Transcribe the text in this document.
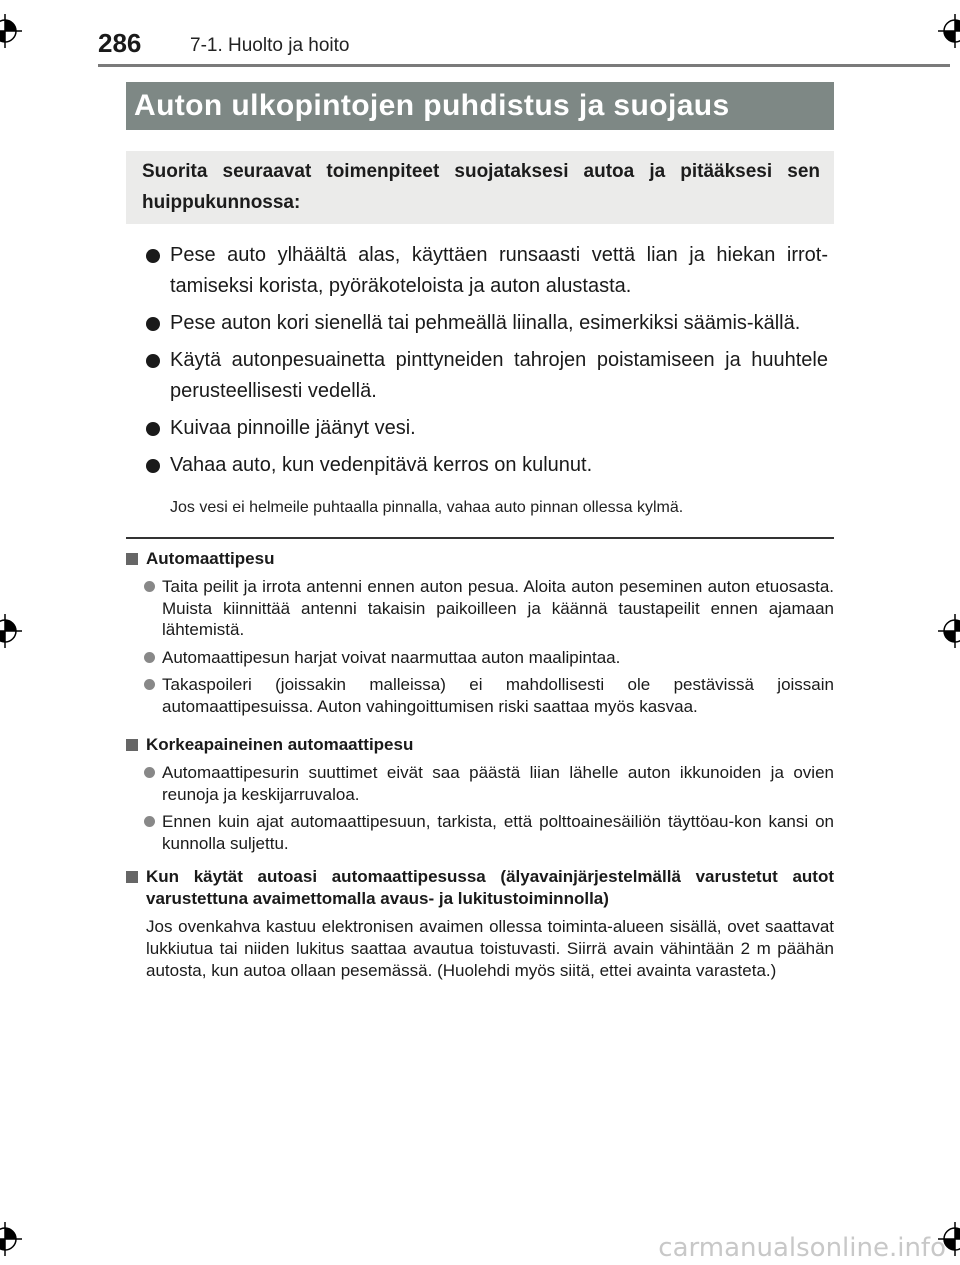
286	7-1. Huolto ja hoito
Auton ulkopintojen puhdistus ja suojaus
Suorita seuraavat toimenpiteet suojataksesi autoa ja pitääksesi sen huippukunnossa:
Pese auto ylhäältä alas, käyttäen runsaasti vettä lian ja hiekan irrot-tamiseksi korista, pyöräkoteloista ja auton alustasta.
Pese auton kori sienellä tai pehmeällä liinalla, esimerkiksi säämis-källä.
Käytä autonpesuainetta pinttyneiden tahrojen poistamiseen ja huuhtele perusteellisesti vedellä.
Kuivaa pinnoille jäänyt vesi.
Vahaa auto, kun vedenpitävä kerros on kulunut.
Jos vesi ei helmeile puhtaalla pinnalla, vahaa auto pinnan ollessa kylmä.
Automaattipesu
Taita peilit ja irrota antenni ennen auton pesua. Aloita auton peseminen auton etuosasta. Muista kiinnittää antenni takaisin paikoilleen ja käännä taustapeilit ennen ajamaan lähtemistä.
Automaattipesun harjat voivat naarmuttaa auton maalipintaa.
Takaspoileri (joissakin malleissa) ei mahdollisesti ole pestävissä joissain automaattipesuissa. Auton vahingoittumisen riski saattaa myös kasvaa.
Korkeapaineinen automaattipesu
Automaattipesurin suuttimet eivät saa päästä liian lähelle auton ikkunoiden ja ovien reunoja ja keskijarruvaloa.
Ennen kuin ajat automaattipesuun, tarkista, että polttoainesäiliön täyttöau-kon kansi on kunnolla suljettu.
Kun käytät autoasi automaattipesussa (älyavainjärjestelmällä varustetut autot varustettuna avaimettomalla avaus- ja lukitustoiminnolla)
Jos ovenkahva kastuu elektronisen avaimen ollessa toiminta-alueen sisällä, ovet saattavat lukkiutua tai niiden lukitus saattaa avautua toistuvasti. Siirrä avain vähintään 2 m päähän autosta, kun autoa ollaan pesemässä. (Huolehdi myös siitä, ettei avainta varasteta.)
carmanualsonline.info
